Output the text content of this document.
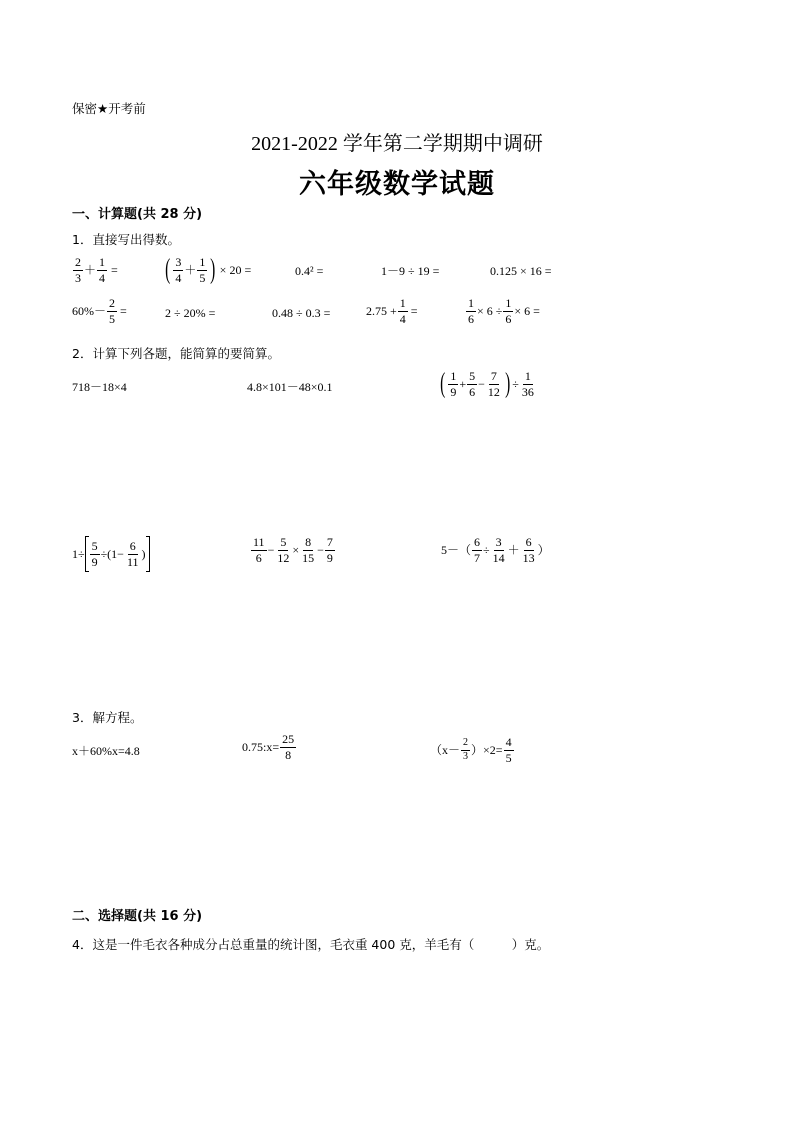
保密★开考前
2021-2022 学年第二学期期中调研
六年级数学试题
一、计算题(共 28 分)
1．直接写出得数。
$\frac{2}{3} + \frac{1}{4}$ = ( $\frac{3}{4} + \frac{1}{5}$ ) × 20 =	0.4² =	1－9 ÷ 19 =	0.125 × 16 =
$60\%- \frac{2}{5}$ =	2 ÷ 20% =	0.48 ÷ 0.3 =	$2.75 + \frac{1}{4}$ =	$\frac{1}{6} \times 6 \div \frac{1}{6} \times 6$ =
2．计算下列各题，能简算的要简算。
718－18×4	4.8×101－48×0.1	( $\frac{1}{9} + \frac{5}{6} - \frac{7}{12}$ ) ÷ $\frac{1}{36}$
$1\div \frac{5}{9} \div(1- \frac{6}{11}$ )	$\frac{11}{6} - \frac{5}{12} \times \frac{8}{15} - \frac{7}{9}$	$5-( \frac{6}{7} \div \frac{3}{14} + \frac{6}{13}$ ）
3．解方程。
x＋60%x=4.8	0.75:x= $\frac{25}{8}$	$(x- \frac{2}{3} )\times 2= \frac{4}{5}$
二、选择题(共 16 分)
4．这是一件毛衣各种成分占总重量的统计图，毛衣重 400 克，羊毛有（　　　）克。
